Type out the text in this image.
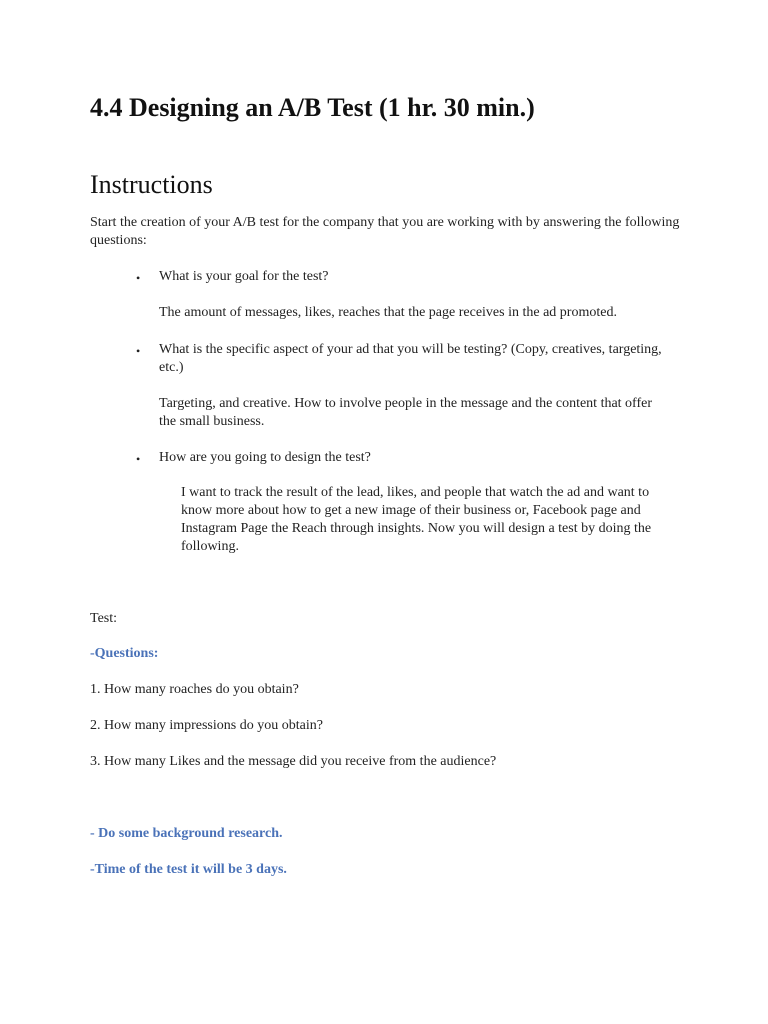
4.4 Designing an A/B Test (1 hr. 30 min.)
Instructions

Start the creation of your A/B test for the company that you are working with by answering the following questions:

• What is your goal for the test?

The amount of messages, likes, reaches that the page receives in the ad promoted.

• What is the specific aspect of your ad that you will be testing? (Copy, creatives, targeting, etc.)

Targeting, and creative. How to involve people in the message and the content that offer the small business.

• How are you going to design the test?

I want to track the result of the lead, likes, and people that watch the ad and want to know more about how to get a new image of their business or, Facebook page and Instagram Page the Reach through insights. Now you will design a test by doing the following.

Test:

-Questions:

1. How many roaches do you obtain?

2. How many impressions do you obtain?

3. How many Likes and the message did you receive from the audience?

- Do some background research.

-Time of the test it will be 3 days.
